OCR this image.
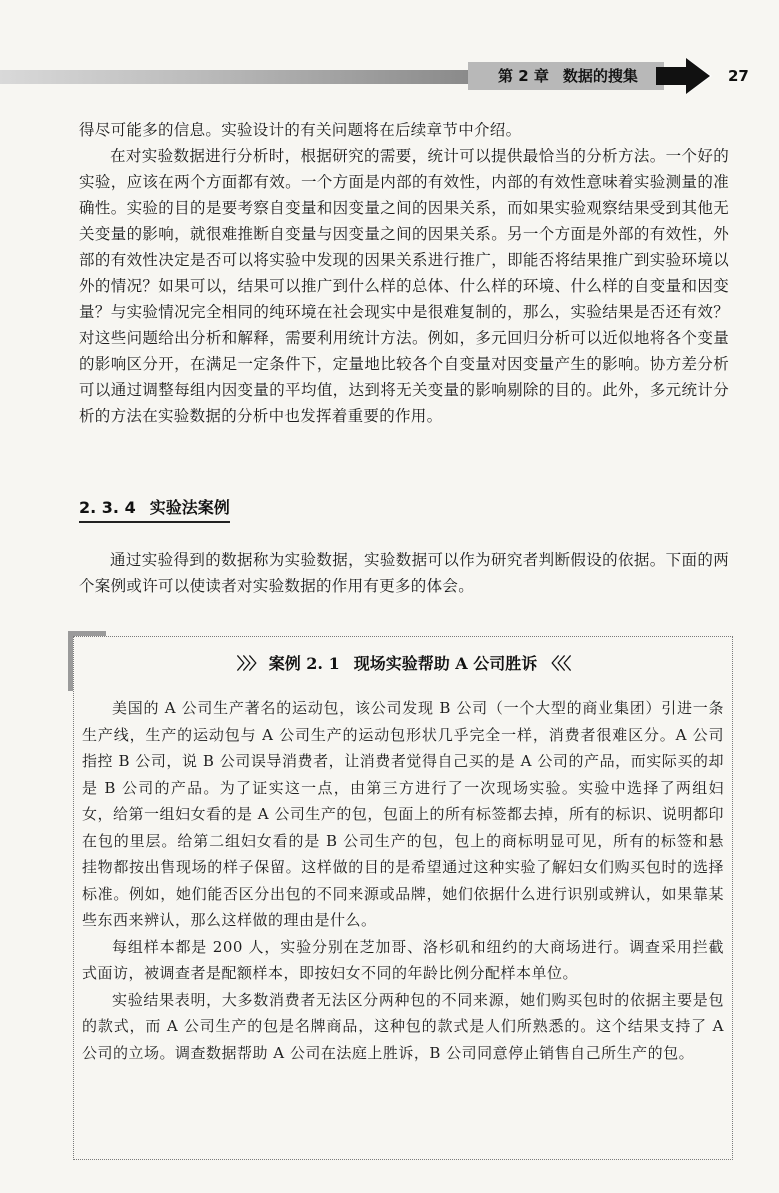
第 2 章 数据的搜集	27

得尽可能多的信息。实验设计的有关问题将在后续章节中介绍。

在对实验数据进行分析时，根据研究的需要，统计可以提供最恰当的分析方法。一个好的实验，应该在两个方面都有效。一个方面是内部的有效性，内部的有效性意味着实验测量的准确性。实验的目的是要考察自变量和因变量之间的因果关系，而如果实验观察结果受到其他无关变量的影响，就很难推断自变量与因变量之间的因果关系。另一个方面是外部的有效性，外部的有效性决定是否可以将实验中发现的因果关系进行推广，即能否将结果推广到实验环境以外的情况？如果可以，结果可以推广到什么样的总体、什么样的环境、什么样的自变量和因变量？与实验情况完全相同的纯环境在社会现实中是很难复制的，那么，实验结果是否还有效？对这些问题给出分析和解释，需要利用统计方法。例如，多元回归分析可以近似地将各个变量的影响区分开，在满足一定条件下，定量地比较各个自变量对因变量产生的影响。协方差分析可以通过调整每组内因变量的平均值，达到将无关变量的影响剔除的目的。此外，多元统计分析的方法在实验数据的分析中也发挥着重要的作用。

2. 3. 4 实验法案例

通过实验得到的数据称为实验数据，实验数据可以作为研究者判断假设的依据。下面的两个案例或许可以使读者对实验数据的作用有更多的体会。

〉〉〉 案例 2. 1 现场实验帮助 A 公司胜诉 〈〈〈

美国的 A 公司生产著名的运动包，该公司发现 B 公司（一个大型的商业集团）引进一条生产线，生产的运动包与 A 公司生产的运动包形状几乎完全一样，消费者很难区分。A 公司指控 B 公司，说 B 公司误导消费者，让消费者觉得自己买的是 A 公司的产品，而实际买的却是 B 公司的产品。为了证实这一点，由第三方进行了一次现场实验。实验中选择了两组妇女，给第一组妇女看的是 A 公司生产的包，包面上的所有标签都去掉，所有的标识、说明都印在包的里层。给第二组妇女看的是 B 公司生产的包，包上的商标明显可见，所有的标签和悬挂物都按出售现场的样子保留。这样做的目的是希望通过这种实验了解妇女们购买包时的选择标准。例如，她们能否区分出包的不同来源或品牌，她们依据什么进行识别或辨认，如果靠某些东西来辨认，那么这样做的理由是什么。

每组样本都是 200 人，实验分别在芝加哥、洛杉矶和纽约的大商场进行。调查采用拦截式面访，被调查者是配额样本，即按妇女不同的年龄比例分配样本单位。

实验结果表明，大多数消费者无法区分两种包的不同来源，她们购买包时的依据主要是包的款式，而 A 公司生产的包是名牌商品，这种包的款式是人们所熟悉的。这个结果支持了 A 公司的立场。调查数据帮助 A 公司在法庭上胜诉，B 公司同意停止销售自己所生产的包。
